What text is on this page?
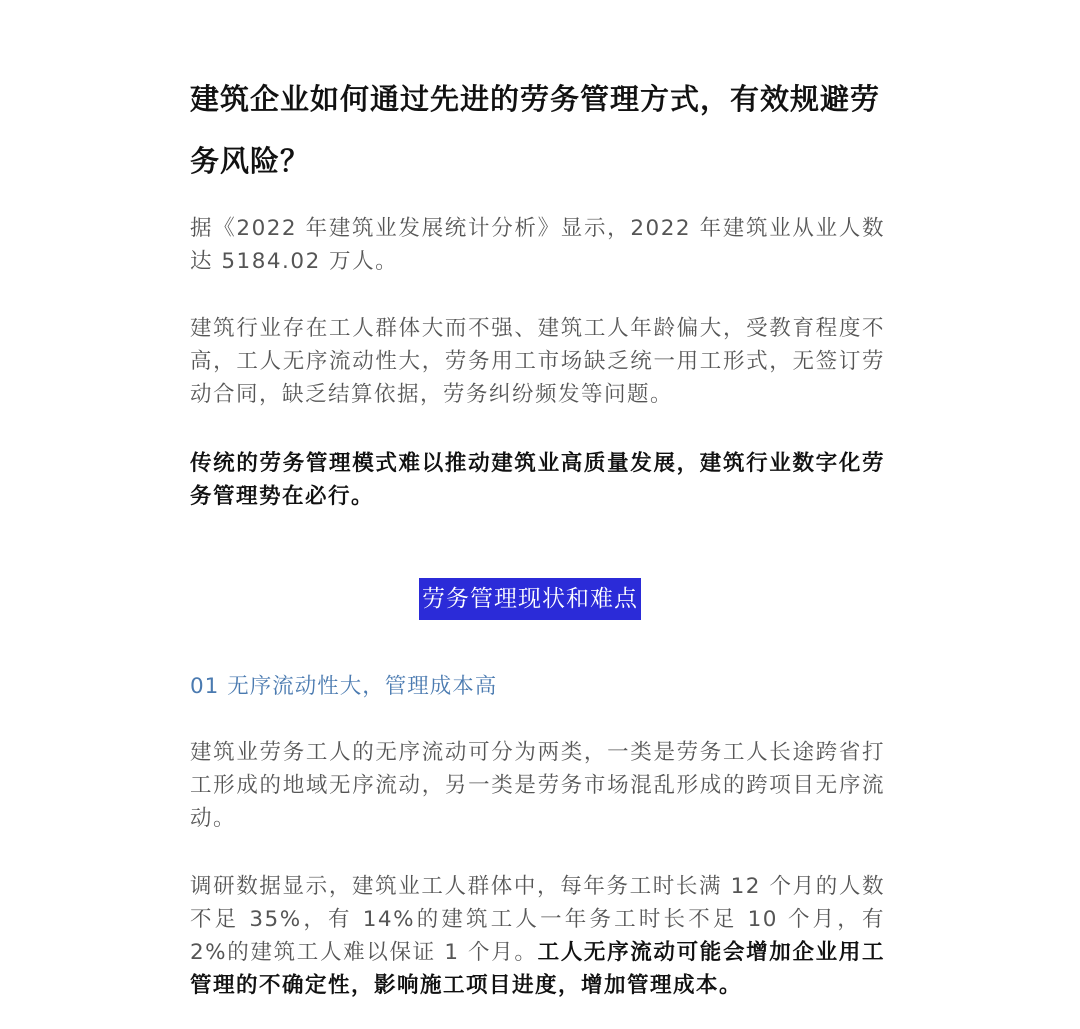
建筑企业如何通过先进的劳务管理方式，有效规避劳务风险？
据《2022 年建筑业发展统计分析》显示，2022 年建筑业从业人数达 5184.02 万人。
建筑行业存在工人群体大而不强、建筑工人年龄偏大，受教育程度不高，工人无序流动性大，劳务用工市场缺乏统一用工形式，无签订劳动合同，缺乏结算依据，劳务纠纷频发等问题。
传统的劳务管理模式难以推动建筑业高质量发展，建筑行业数字化劳务管理势在必行。
劳务管理现状和难点
01 无序流动性大，管理成本高
建筑业劳务工人的无序流动可分为两类，一类是劳务工人长途跨省打工形成的地域无序流动，另一类是劳务市场混乱形成的跨项目无序流动。
调研数据显示，建筑业工人群体中，每年务工时长满 12 个月的人数不足 35%，有 14%的建筑工人一年务工时长不足 10 个月，有 2%的建筑工人难以保证 1 个月。工人无序流动可能会增加企业用工管理的不确定性，影响施工项目进度，增加管理成本。
